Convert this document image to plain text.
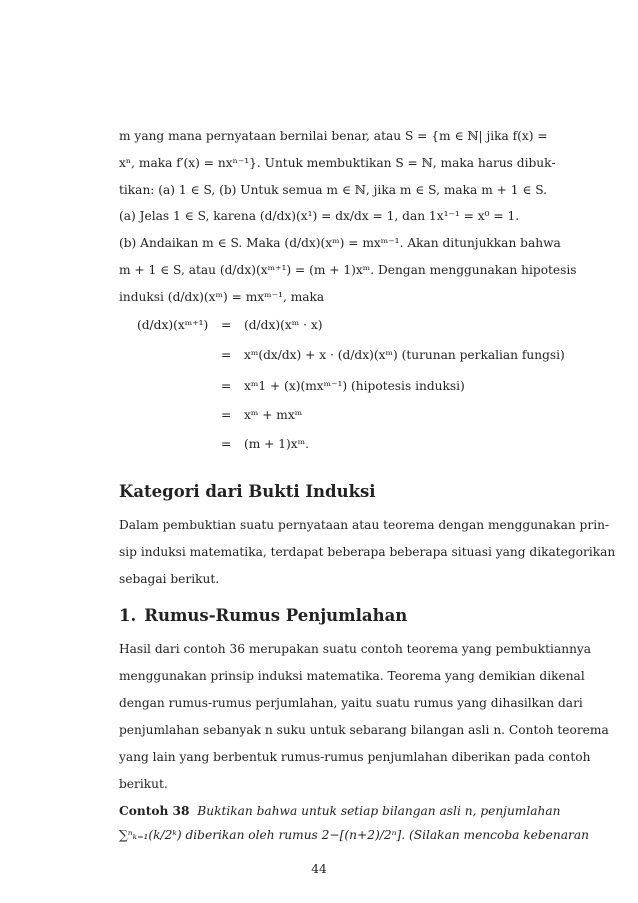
m yang mana pernyataan bernilai benar, atau S = {m ∈ ℕ| jika f(x) =
xⁿ, maka f′(x) = nxⁿ⁻¹}. Untuk membuktikan S = ℕ, maka harus dibuk-
tikan: (a) 1 ∈ S, (b) Untuk semua m ∈ ℕ, jika m ∈ S, maka m + 1 ∈ S.
(a) Jelas 1 ∈ S, karena (d/dx)(x¹) = dx/dx = 1, dan 1x¹⁻¹ = x⁰ = 1.
(b) Andaikan m ∈ S. Maka (d/dx)(xᵐ) = mxᵐ⁻¹. Akan ditunjukkan bahwa
m + 1 ∈ S, atau (d/dx)(xᵐ⁺¹) = (m + 1)xᵐ. Dengan menggunakan hipotesis
induksi (d/dx)(xᵐ) = mxᵐ⁻¹, maka
(d/dx)(xᵐ⁺¹) = (d/dx)(xᵐ · x)
= xᵐ(dx/dx) + x · (d/dx)(xᵐ) (turunan perkalian fungsi)
= xᵐ1 + (x)(mxᵐ⁻¹) (hipotesis induksi)
= xᵐ + mxᵐ
= (m + 1)xᵐ.
Kategori dari Bukti Induksi
Dalam pembuktian suatu pernyataan atau teorema dengan menggunakan prin-
sip induksi matematika, terdapat beberapa beberapa situasi yang dikategorikan
sebagai berikut.
1. Rumus-Rumus Penjumlahan
Hasil dari contoh 36 merupakan suatu contoh teorema yang pembuktiannya
menggunakan prinsip induksi matematika. Teorema yang demikian dikenal
dengan rumus-rumus perjumlahan, yaitu suatu rumus yang dihasilkan dari
penjumlahan sebanyak n suku untuk sebarang bilangan asli n. Contoh teorema
yang lain yang berbentuk rumus-rumus penjumlahan diberikan pada contoh
berikut.
Contoh 38 Buktikan bahwa untuk setiap bilangan asli n, penjumlahan
∑ⁿₖ₌₁(k/2ᵏ) diberikan oleh rumus 2−[(n+2)/2ⁿ]. (Silakan mencoba kebenaran
44
